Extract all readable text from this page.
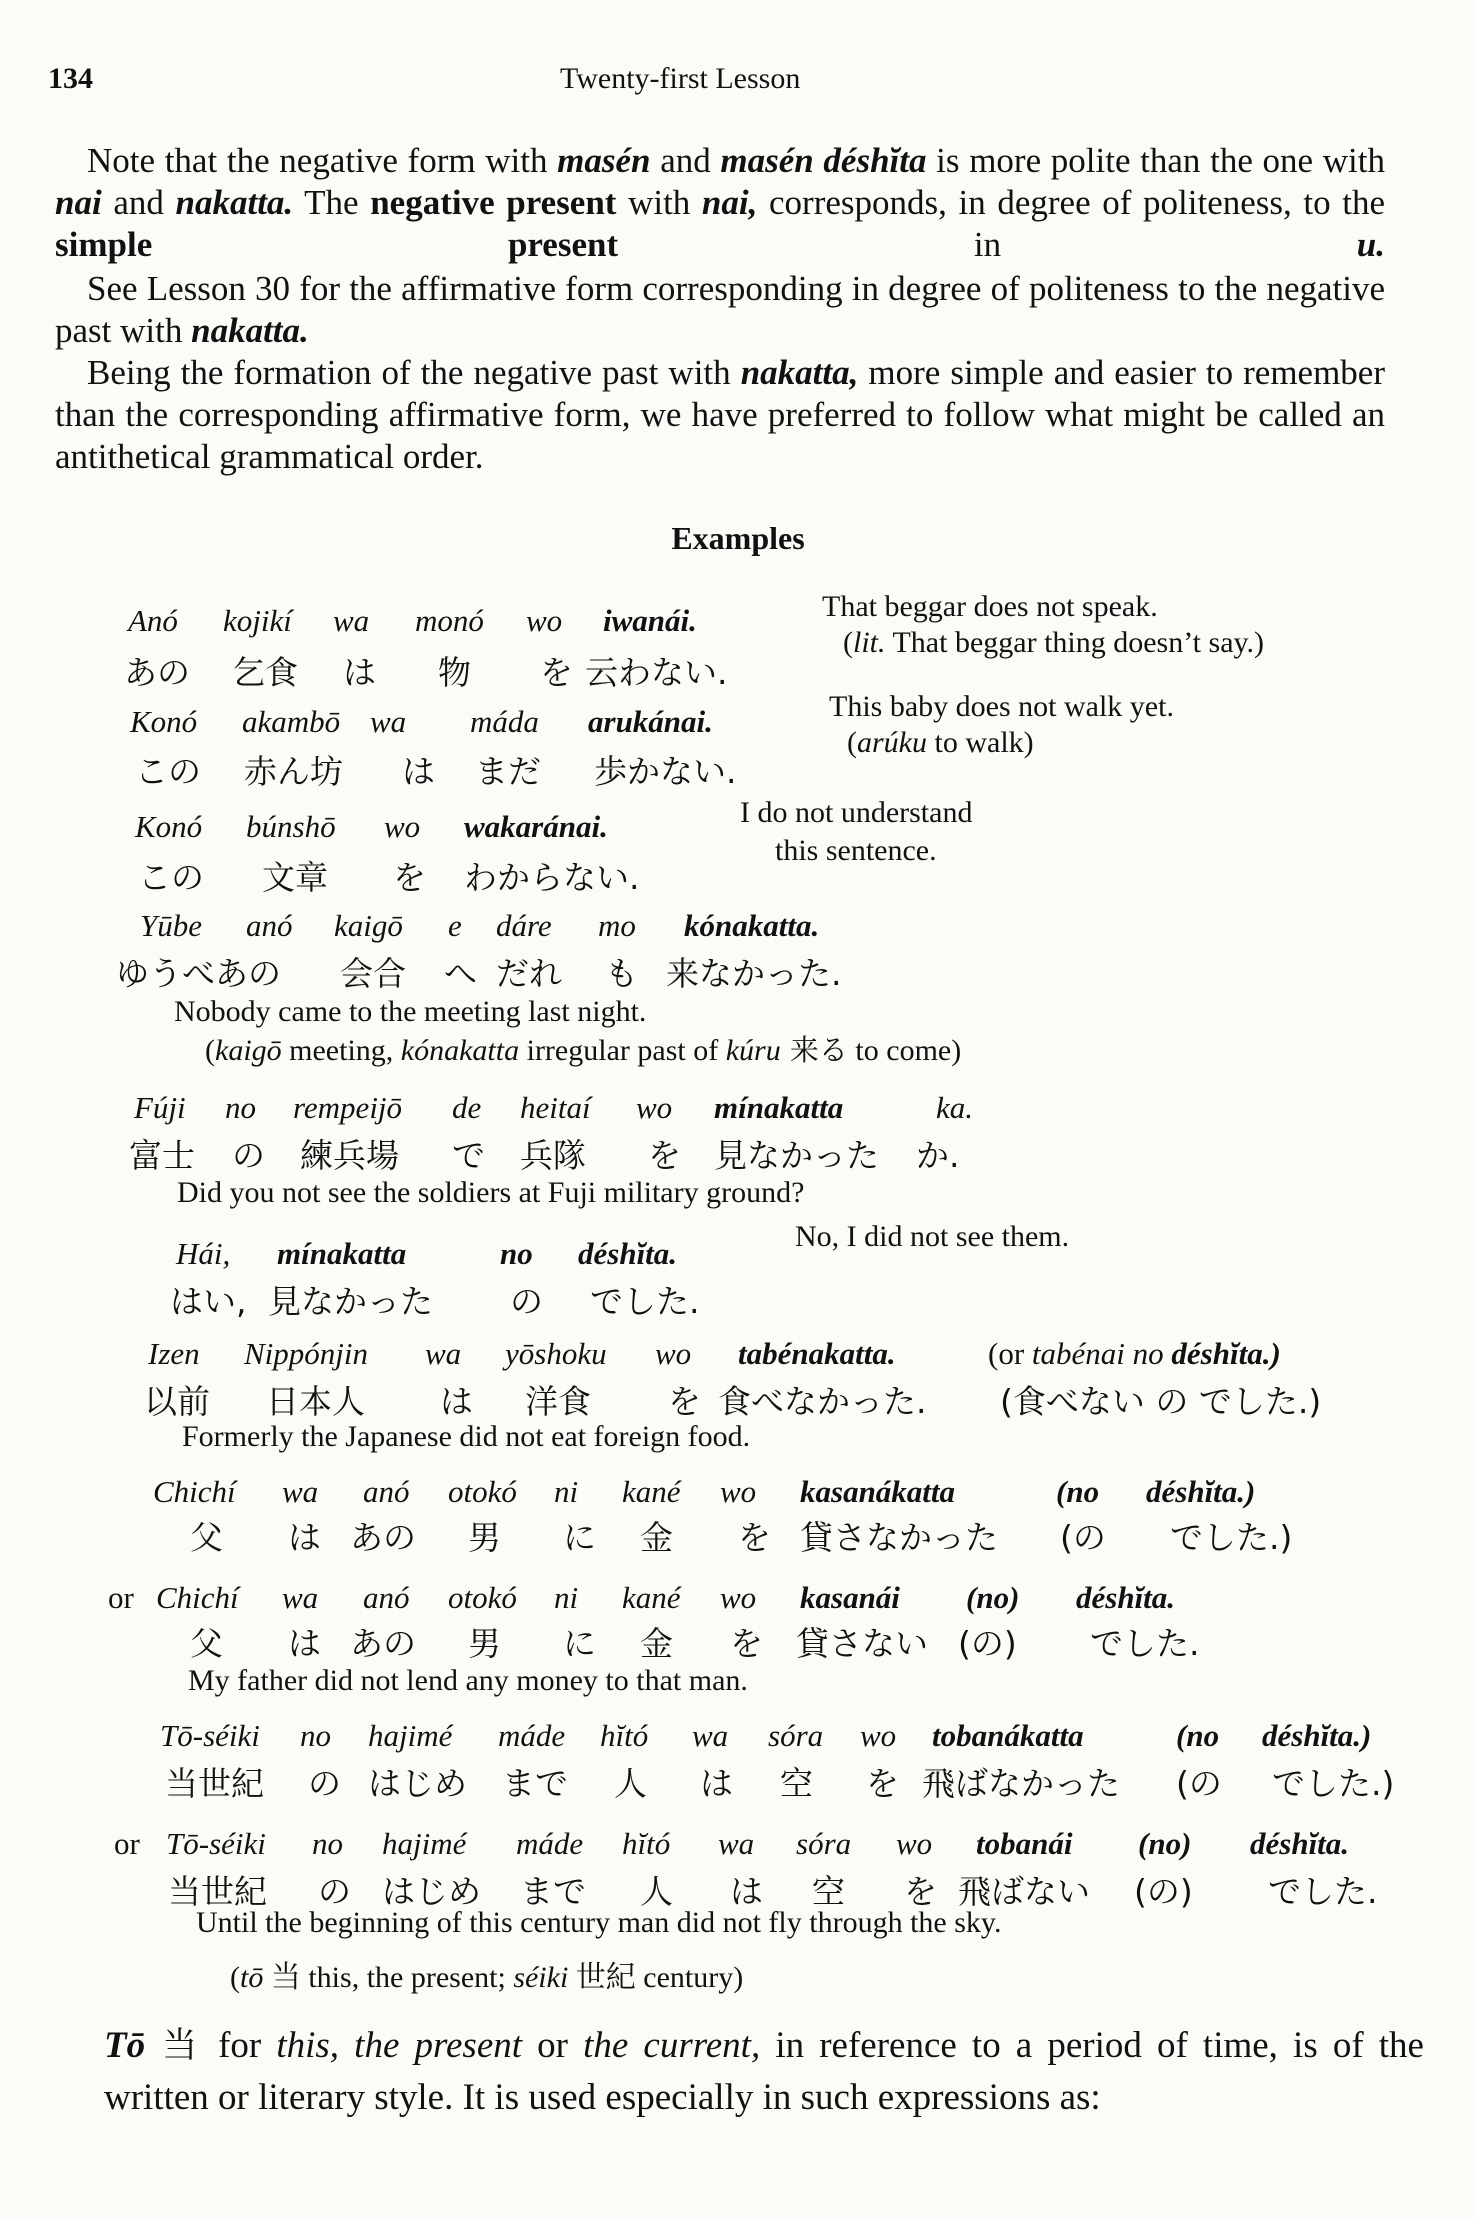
134	Twenty-first Lesson

Note that the negative form with masén and masén déshĭta is more polite than the one with nai and nakatta. The negative present with nai, corresponds, in degree of politeness, to the simple present in u.

See Lesson 30 for the affirmative form corresponding in degree of politeness to the negative past with nakatta.

Being the formation of the negative past with nakatta, more simple and easier to remember than the corresponding affirmative form, we have preferred to follow what might be called an antithetical grammatical order.

Examples
Anó kojikí wa monó wo iwanái.
あの 乞食 は 物 を 云わない.
That beggar does not speak.
(lit. That beggar thing doesn’t say.)
Konó akambō wa máda arukánai.
この 赤ん坊 は まだ 歩かない.
This baby does not walk yet.
(arúku to walk)
Konó búnshō wo wakaránai.
この 文章 を わからない.
I do not understand
this sentence.
Yūbe anó kaigō e dáre mo kónakatta.
ゆうべあの 会合 へ だれ も 来なかった.
Nobody came to the meeting last night.
(kaigō meeting, kónakatta irregular past of kúru 来る to come)
Fúji no rempeijō de heitaí wo mínakatta	ka.
富士 の 練兵場 で 兵隊 を 見なかった か.
Did you not see the soldiers at Fuji military ground?
Hái, mínakatta	no déshĭta.
はい, 見なかった の でした.
No, I did not see them.
Izen Nippónjin wa yōshoku wo tabénakatta.	(or tabénai no déshĭta.)
以前 日本人 は 洋食 を 食べなかった. (食べない の でした.)
Formerly the Japanese did not eat foreign food.
Chichí wa anó otokó ni kané wo kasanákatta	(no déshĭta.)
父 は あの 男 に 金 を 貸さなかった (の でした.)
or Chichí wa anó otokó ni kané wo kasanái (no) déshĭta.
父 は あの 男 に 金 を 貸さない (の) でした.
My father did not lend any money to that man.
Tō-séiki no hajimé máde hĭtó wa sóra wo tobanákatta	(no déshĭta.)
当世紀 の はじめ まで 人 は 空 を 飛ばなかった (の でした.)
or Tō-séiki no hajimé máde hĭtó wa sóra wo tobanái (no) déshĭta.
当世紀 の はじめ まで 人 は 空 を 飛ばない (の) でした.
Until the beginning of this century man did not fly through the sky.
(tō 当 this, the present; séiki 世紀 century)

Tō 当 for this, the present or the current, in reference to a period of time, is of the written or literary style. It is used especially in such expressions as:
